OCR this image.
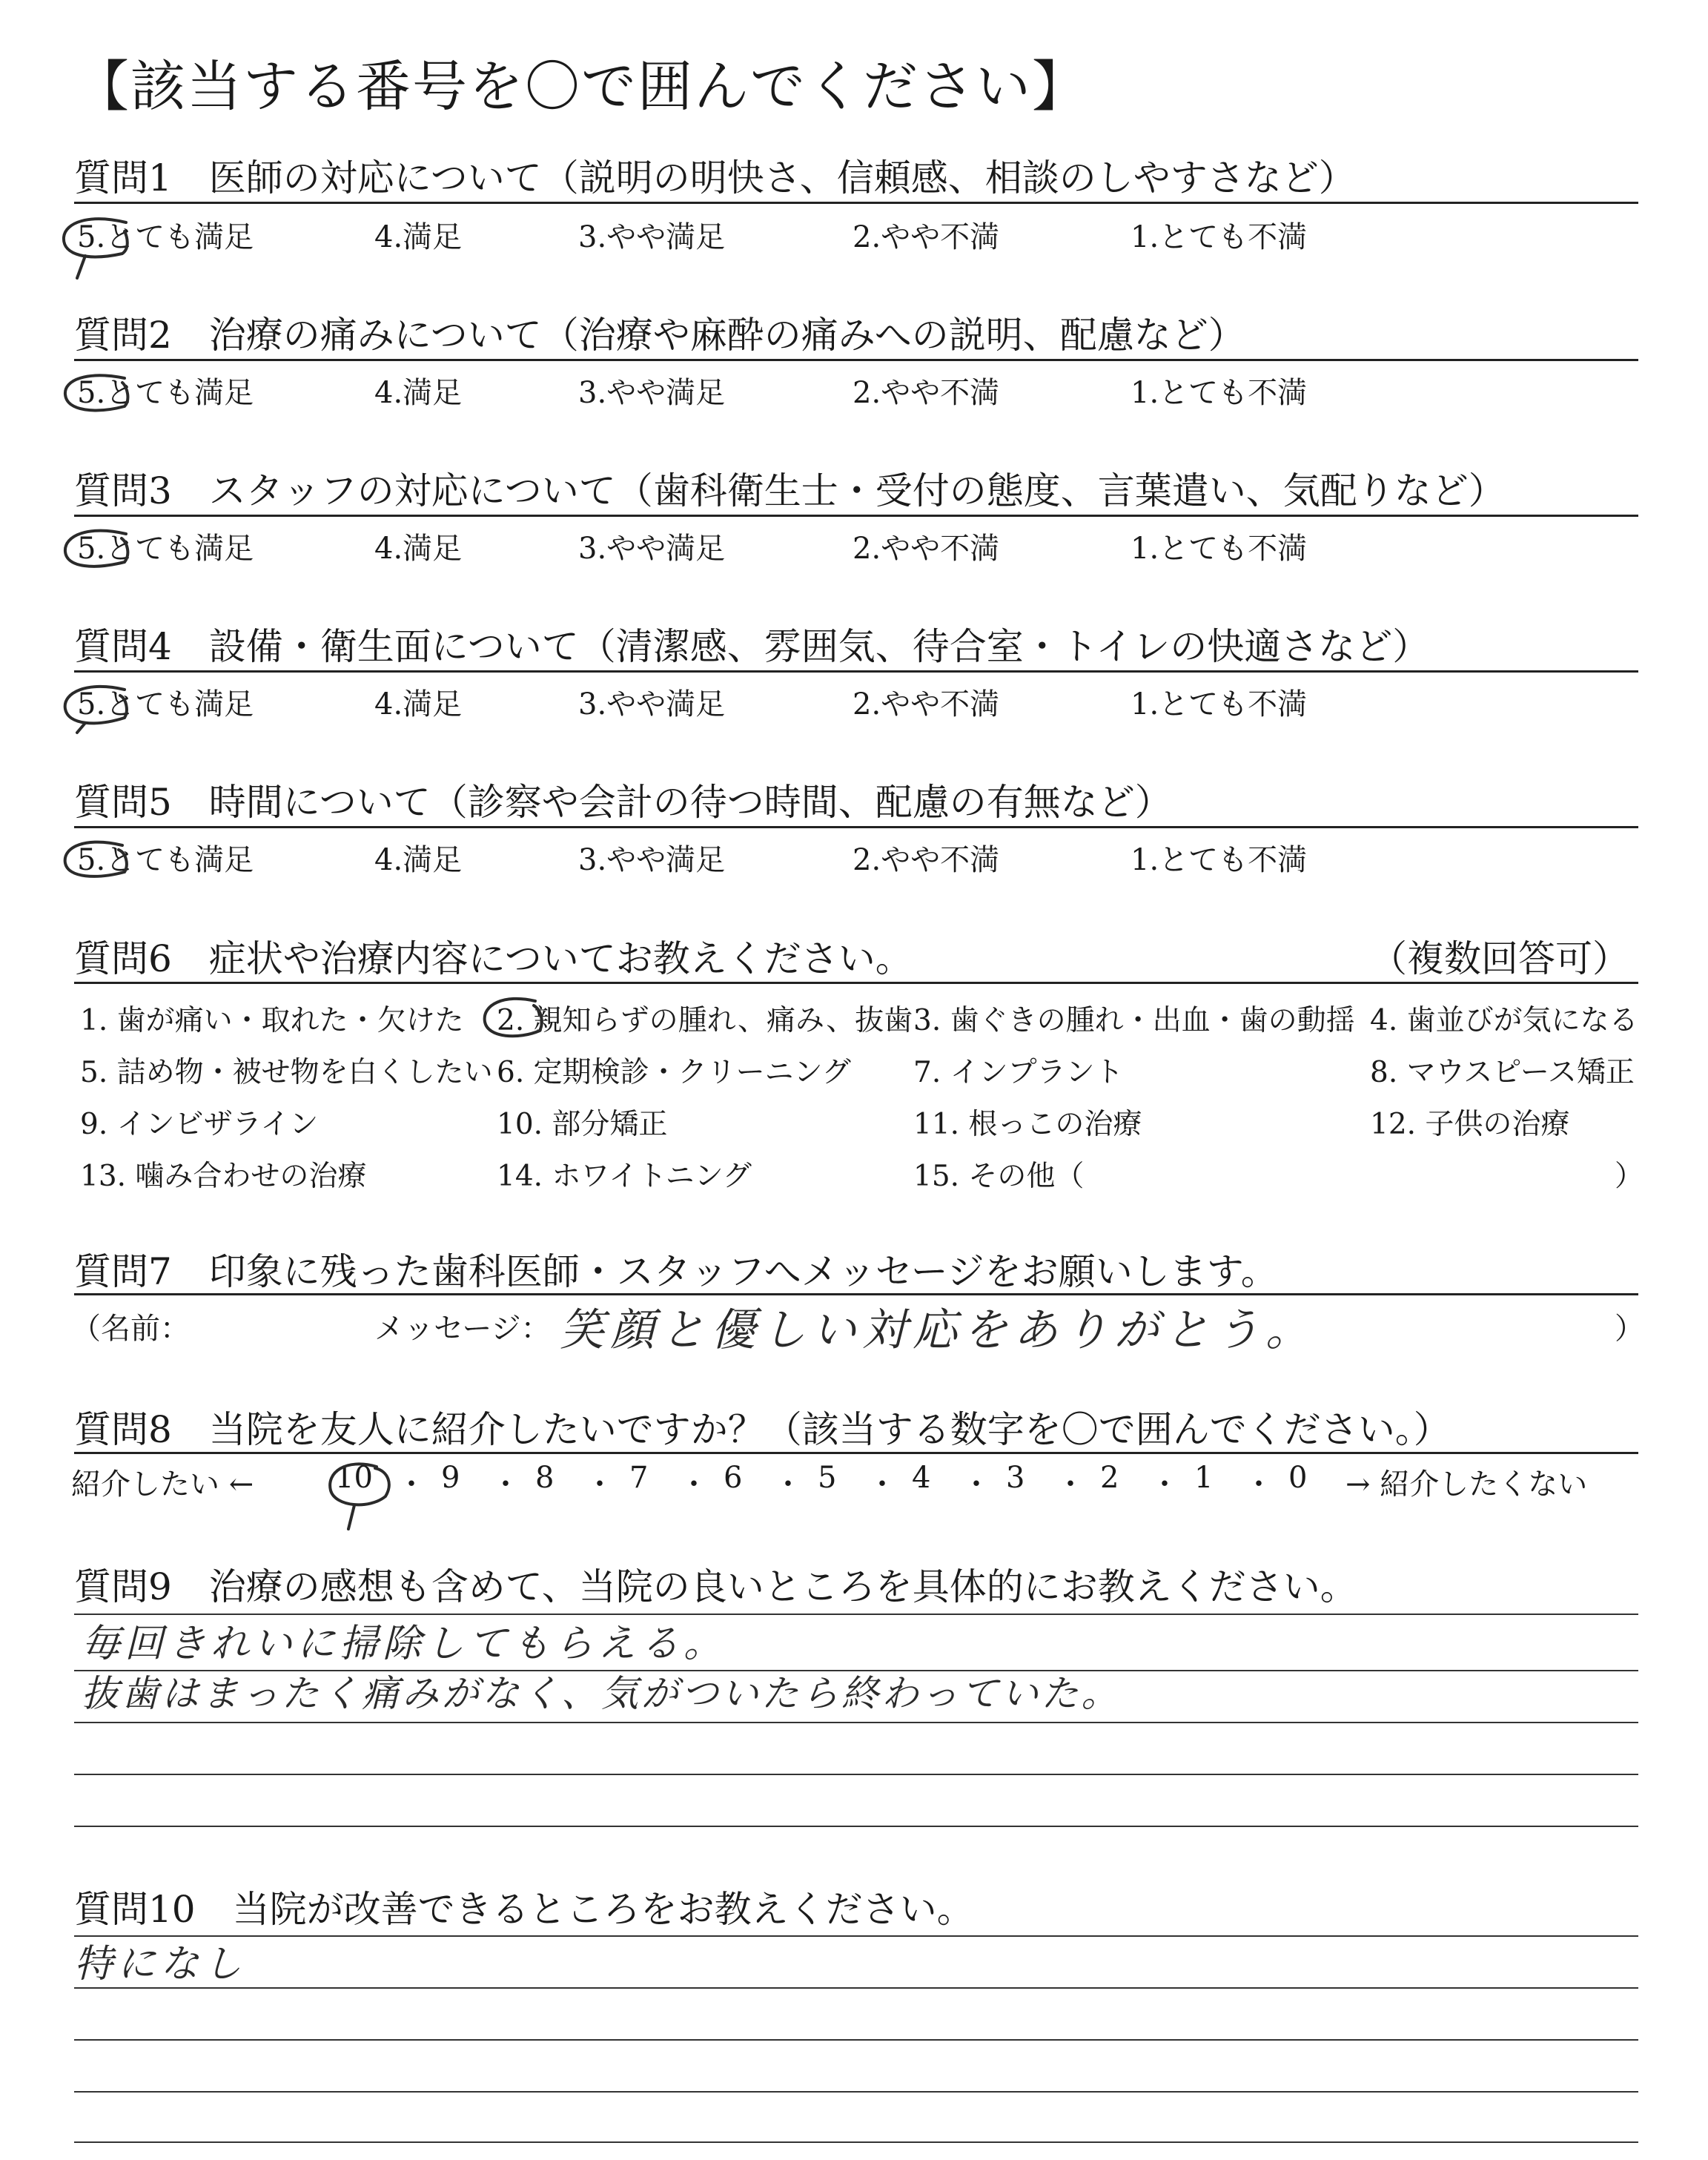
【該当する番号を〇で囲んでください】
質問1　医師の対応について（説明の明快さ、信頼感、相談のしやすさなど）
5.とても満足	4.満足	3.やや満足	2.やや不満	1.とても不満
質問2　治療の痛みについて（治療や麻酔の痛みへの説明、配慮など）
5.とても満足	4.満足	3.やや満足	2.やや不満	1.とても不満
質問3　スタッフの対応について（歯科衛生士・受付の態度、言葉遣い、気配りなど）
5.とても満足	4.満足	3.やや満足	2.やや不満	1.とても不満
質問4　設備・衛生面について（清潔感、雰囲気、待合室・トイレの快適さなど）
5.とても満足	4.満足	3.やや満足	2.やや不満	1.とても不満
質問5　時間について（診察や会計の待つ時間、配慮の有無など）
5.とても満足	4.満足	3.やや満足	2.やや不満	1.とても不満
質問6　症状や治療内容についてお教えください。	（複数回答可）
1. 歯が痛い・取れた・欠けた 2. 親知らずの腫れ、痛み、抜歯 3. 歯ぐきの腫れ・出血・歯の動揺 4. 歯並びが気になる
5. 詰め物・被せ物を白くしたい 6. 定期検診・クリーニング 7. インプラント	8. マウスピース矯正
9. インビザライン	10. 部分矯正	11. 根っこの治療	12. 子供の治療
13. 噛み合わせの治療	14. ホワイトニング	15. その他（	）
質問7　印象に残った歯科医師・スタッフへメッセージをお願いします。
（名前：	メッセージ： 笑顔と優しい対応をありがとう。	）
質問8　当院を友人に紹介したいですか？（該当する数字を〇で囲んでください。）
紹介したい ←	10 ・ 9 ・ 8 ・ 7 ・ 6 ・ 5 ・ 4 ・ 3 ・ 2 ・ 1 ・ 0 → 紹介したくない
質問9　治療の感想も含めて、当院の良いところを具体的にお教えください。
毎回きれいに掃除してもらえる。
抜歯はまったく痛みがなく、気がついたら終わっていた。
質問10　当院が改善できるところをお教えください。
特になし
